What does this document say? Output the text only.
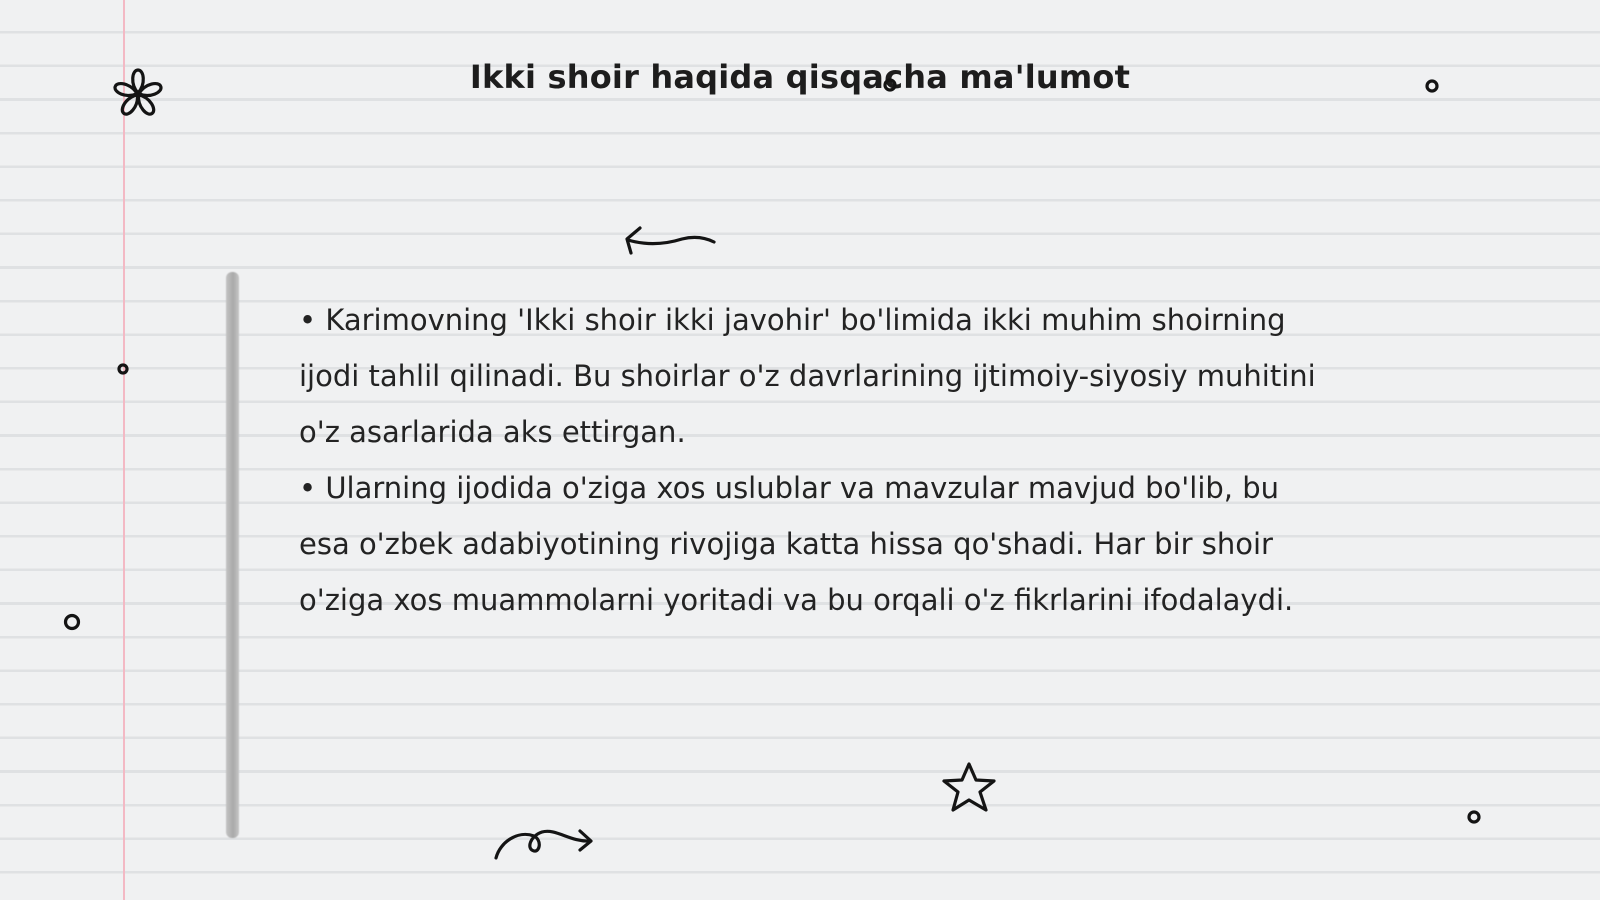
Ikki shoir haqida qisqacha ma'lumot

• Karimovning 'Ikki shoir ikki javohir' bo'limida ikki muhim shoirning ijodi tahlil qilinadi. Bu shoirlar o'z davrlarining ijtimoiy-siyosiy muhitini o'z asarlarida aks ettirgan.

• Ularning ijodida o'ziga xos uslublar va mavzular mavjud bo'lib, bu esa o'zbek adabiyotining rivojiga katta hissa qo'shadi. Har bir shoir o'ziga xos muammolarni yoritadi va bu orqali o'z fikrlarini ifodalaydi.
